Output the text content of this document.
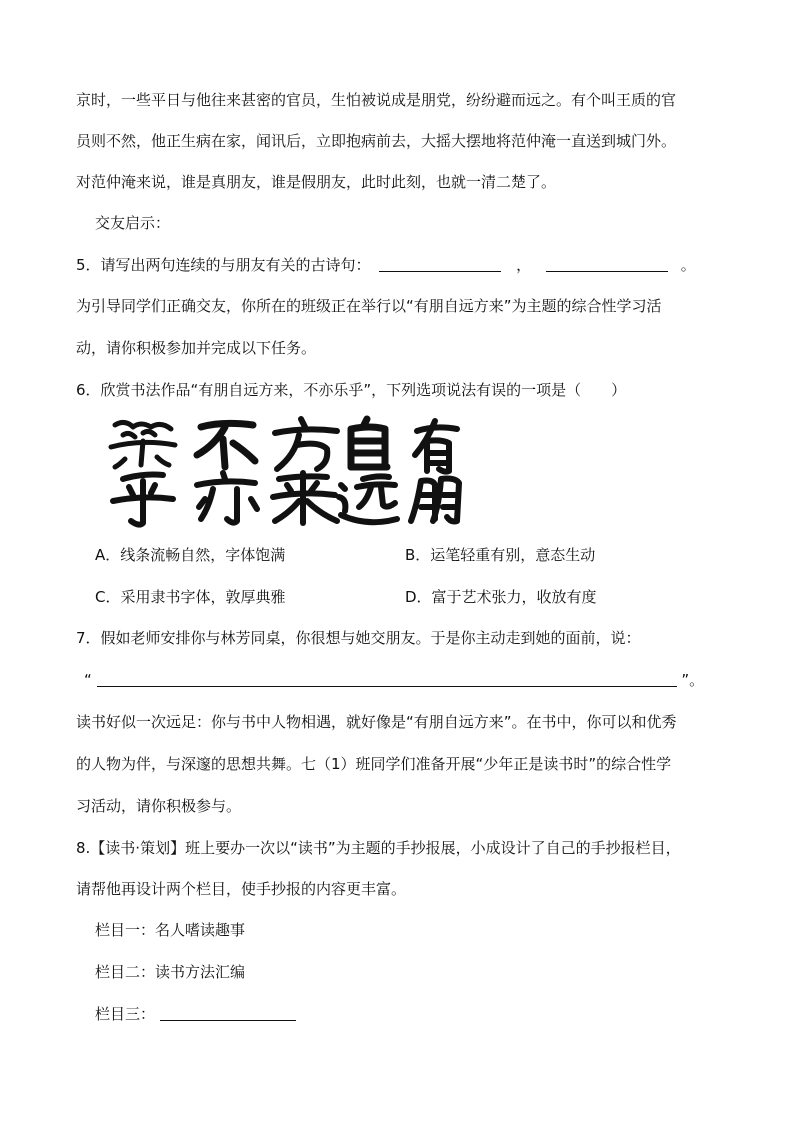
京时，一些平日与他往来甚密的官员，生怕被说成是朋党，纷纷避而远之。有个叫王质的官
员则不然，他正生病在家，闻讯后，立即抱病前去，大摇大摆地将范仲淹一直送到城门外。
对范仲淹来说，谁是真朋友，谁是假朋友，此时此刻，也就一清二楚了。
交友启示：
5．请写出两句连续的与朋友有关的古诗句：	，	。
为引导同学们正确交友，你所在的班级正在举行以“有朋自远方来”为主题的综合性学习活
动，请你积极参加并完成以下任务。
6．欣赏书法作品“有朋自远方来，不亦乐乎”，下列选项说法有误的一项是（　　）
A．线条流畅自然，字体饱满	B．运笔轻重有别，意态生动
C．采用隶书字体，敦厚典雅	D．富于艺术张力，收放有度
7．假如老师安排你与林芳同桌，你很想与她交朋友。于是你主动走到她的面前，说：
“	”。
读书好似一次远足：你与书中人物相遇，就好像是“有朋自远方来”。在书中，你可以和优秀
的人物为伴，与深邃的思想共舞。七（1）班同学们准备开展“少年正是读书时”的综合性学
习活动，请你积极参与。
8.【读书·策划】班上要办一次以“读书”为主题的手抄报展，小成设计了自己的手抄报栏目，
请帮他再设计两个栏目，使手抄报的内容更丰富。
栏目一：名人嗜读趣事
栏目二：读书方法汇编
栏目三：
